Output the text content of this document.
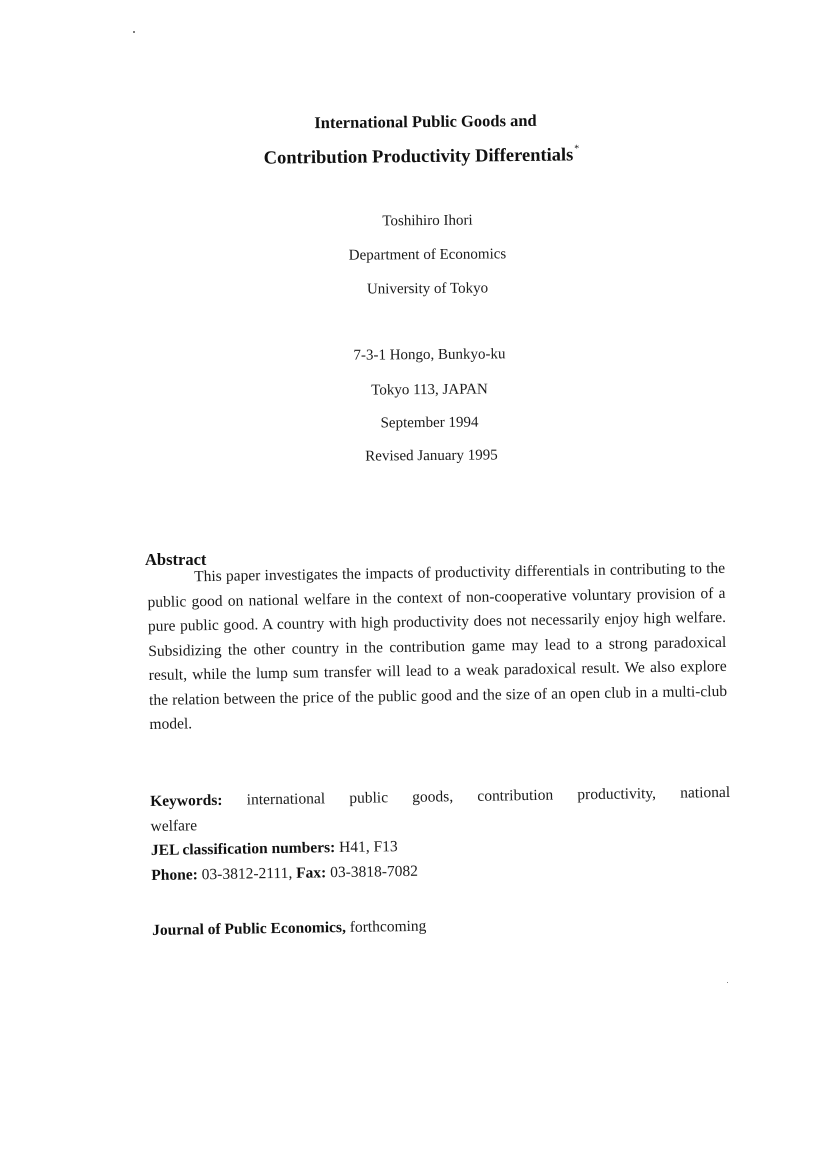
International Public Goods and
Contribution Productivity Differentials*
Toshihiro Ihori
Department of Economics
University of Tokyo
7-3-1 Hongo, Bunkyo-ku
Tokyo 113, JAPAN
September 1994
Revised January 1995
Abstract
This paper investigates the impacts of productivity differentials in contributing to the public good on national welfare in the context of non-cooperative voluntary provision of a pure public good. A country with high productivity does not necessarily enjoy high welfare. Subsidizing the other country in the contribution game may lead to a strong paradoxical result, while the lump sum transfer will lead to a weak paradoxical result. We also explore the relation between the price of the public good and the size of an open club in a multi-club model.
Keywords: international public goods, contribution productivity, national
welfare
JEL classification numbers: H41, F13
Phone: 03-3812-2111, Fax: 03-3818-7082
Journal of Public Economics, forthcoming
